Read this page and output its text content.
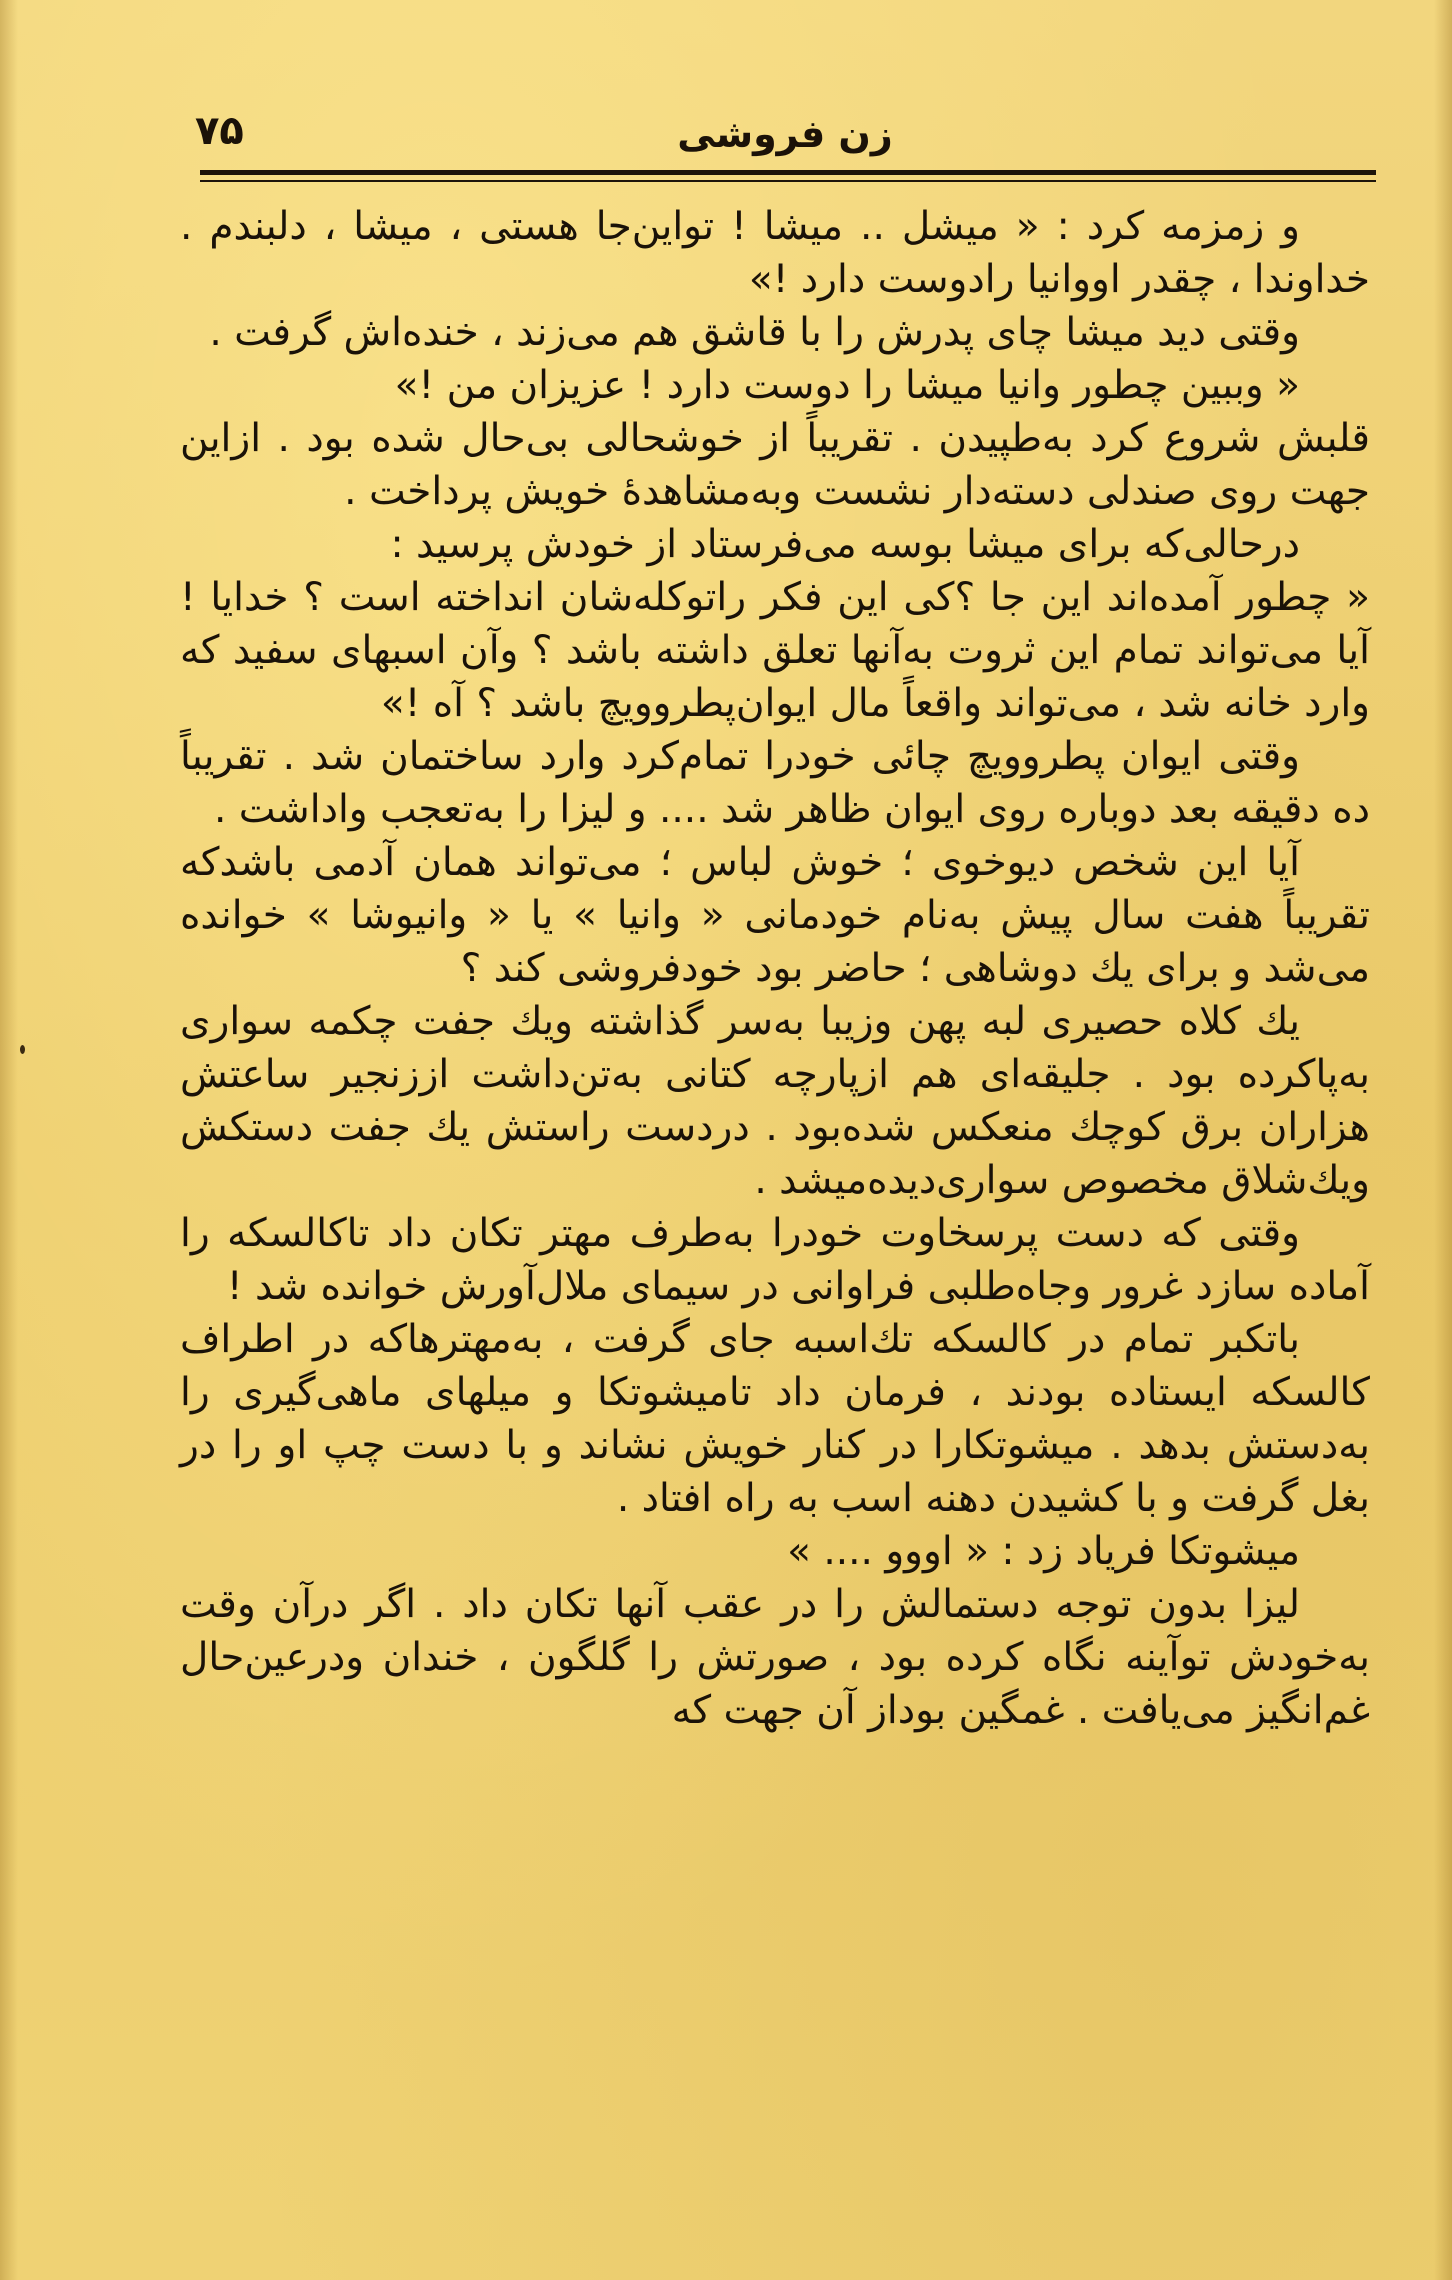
۷۵	زن فروشی

و زمزمه کرد : « میشل .. میشا ! تواین‌جا هستی ، میشا ، دلبندم . خداوندا ، چقدر اووانیا رادوست دارد !»

وقتی دید میشا چای پدرش را با قاشق هم می‌زند ، خنده‌اش گرفت .

« وببین چطور وانیا میشا را دوست دارد ! عزیزان من !»

قلبش شروع کرد به‌طپیدن . تقریباً از خوشحالی بی‌حال شده بود . ازاین جهت روی صندلی دسته‌دار نشست وبه‌مشاهدهٔ خویش پرداخت .

درحالی‌که برای میشا بوسه می‌فرستاد از خودش پرسید :

« چطور آمده‌اند این جا ؟کی این فکر راتوکله‌شان انداخته است ؟ خدایا ! آیا می‌تواند تمام این ثروت به‌آنها تعلق داشته باشد ؟ وآن اسبهای سفید که وارد خانه شد ، می‌تواند واقعاً مال ایوان‌پطروویچ باشد ؟ آه !»

وقتی ایوان پطروویچ چائی خودرا تمام‌کرد وارد ساختمان شد . تقریباً ده دقیقه بعد دوباره روی ایوان ظاهر شد .... و لیزا را به‌تعجب واداشت .

آیا این شخص دیوخوی ؛ خوش لباس ؛ می‌تواند همان آدمی باشدکه تقریباً هفت سال پیش به‌نام خودمانی « وانیا » یا « وانیوشا » خوانده می‌شد و برای یك دوشاهی ؛ حاضر بود خودفروشی کند ؟

یك کلاه حصیری لبه پهن وزیبا به‌سر گذاشته ویك جفت چکمه سواری به‌پاکرده بود . جلیقه‌ای هم ازپارچه کتانی به‌تن‌داشت اززنجیر ساعتش هزاران برق کوچك منعکس شده‌بود . دردست راستش یك جفت دستکش ویك‌شلاق مخصوص سواری‌دیده‌میشد .

وقتی که دست پرسخاوت خودرا به‌طرف مهتر تکان داد تاکالسکه را آماده سازد غرور وجاه‌طلبی فراوانی در سیمای ملال‌آورش خوانده شد !

باتکبر تمام در کالسکه تك‌اسبه جای گرفت ، به‌مهترهاکه در اطراف کالسکه ایستاده بودند ، فرمان داد تامیشوتکا و میلهای ماهی‌گیری را به‌دستش بدهد . میشوتکارا در کنار خویش نشاند و با دست چپ او را در بغل گرفت و با کشیدن دهنه اسب به راه افتاد .

میشوتکا فریاد زد : « اووو .... »

لیزا بدون توجه دستمالش را در عقب آنها تکان داد . اگر درآن وقت به‌خودش توآینه نگاه کرده بود ، صورتش را گلگون ، خندان ودرعین‌حال غم‌انگیز می‌یافت . غمگین بوداز آن جهت که
